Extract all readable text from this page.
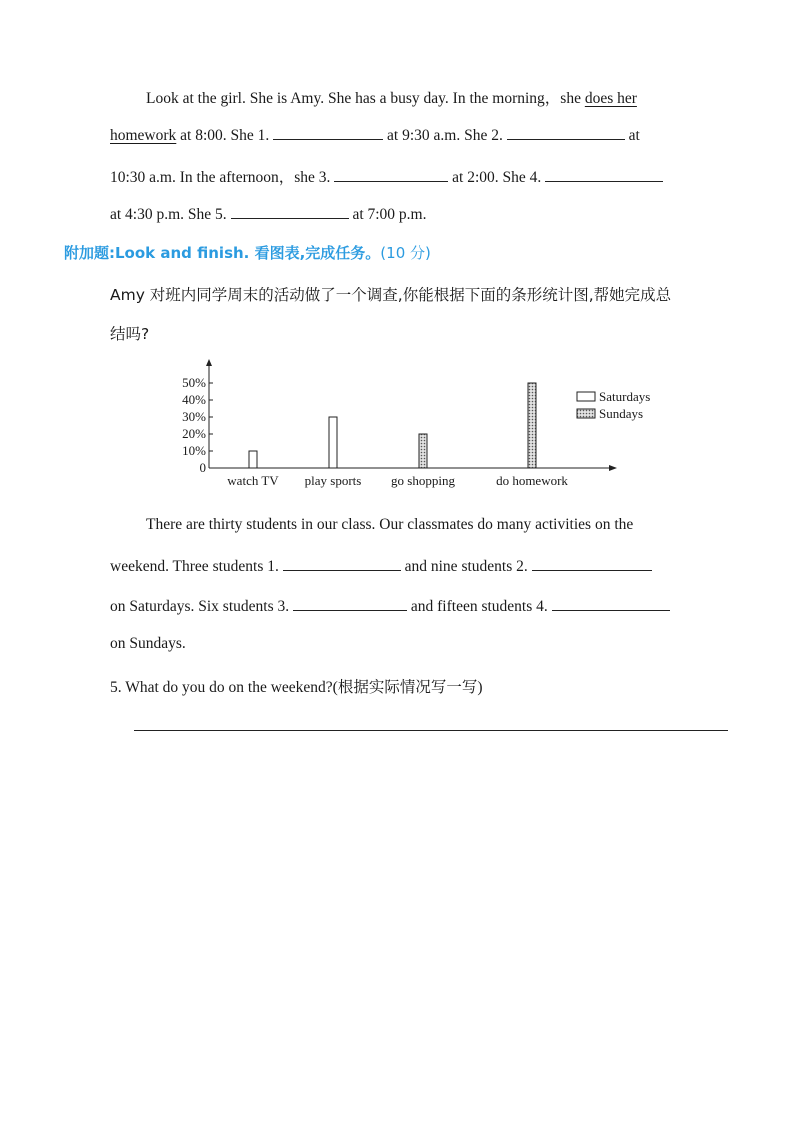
Look at the girl. She is Amy. She has a busy day. In the morning，she does her
homework at 8:00. She 1.	at 9:30 a.m. She 2.	at
10:30 a.m. In the afternoon，she 3.	at 2:00. She 4.
at 4:30 p.m. She 5.	at 7:00 p.m.
附加题:Look and finish. 看图表,完成任务。(10 分)
Amy 对班内同学周末的活动做了一个调查,你能根据下面的条形统计图,帮她完成总
结吗?
0
10%
20%
30%
40%
50%
watch TV play sports go shopping	do homework
Saturdays
Sundays
There are thirty students in our class. Our classmates do many activities on the
weekend. Three students 1.	and nine students 2.
on Saturdays. Six students 3.	and fifteen students 4.
on Sundays.
5. What do you do on the weekend?(根据实际情况写一写)
